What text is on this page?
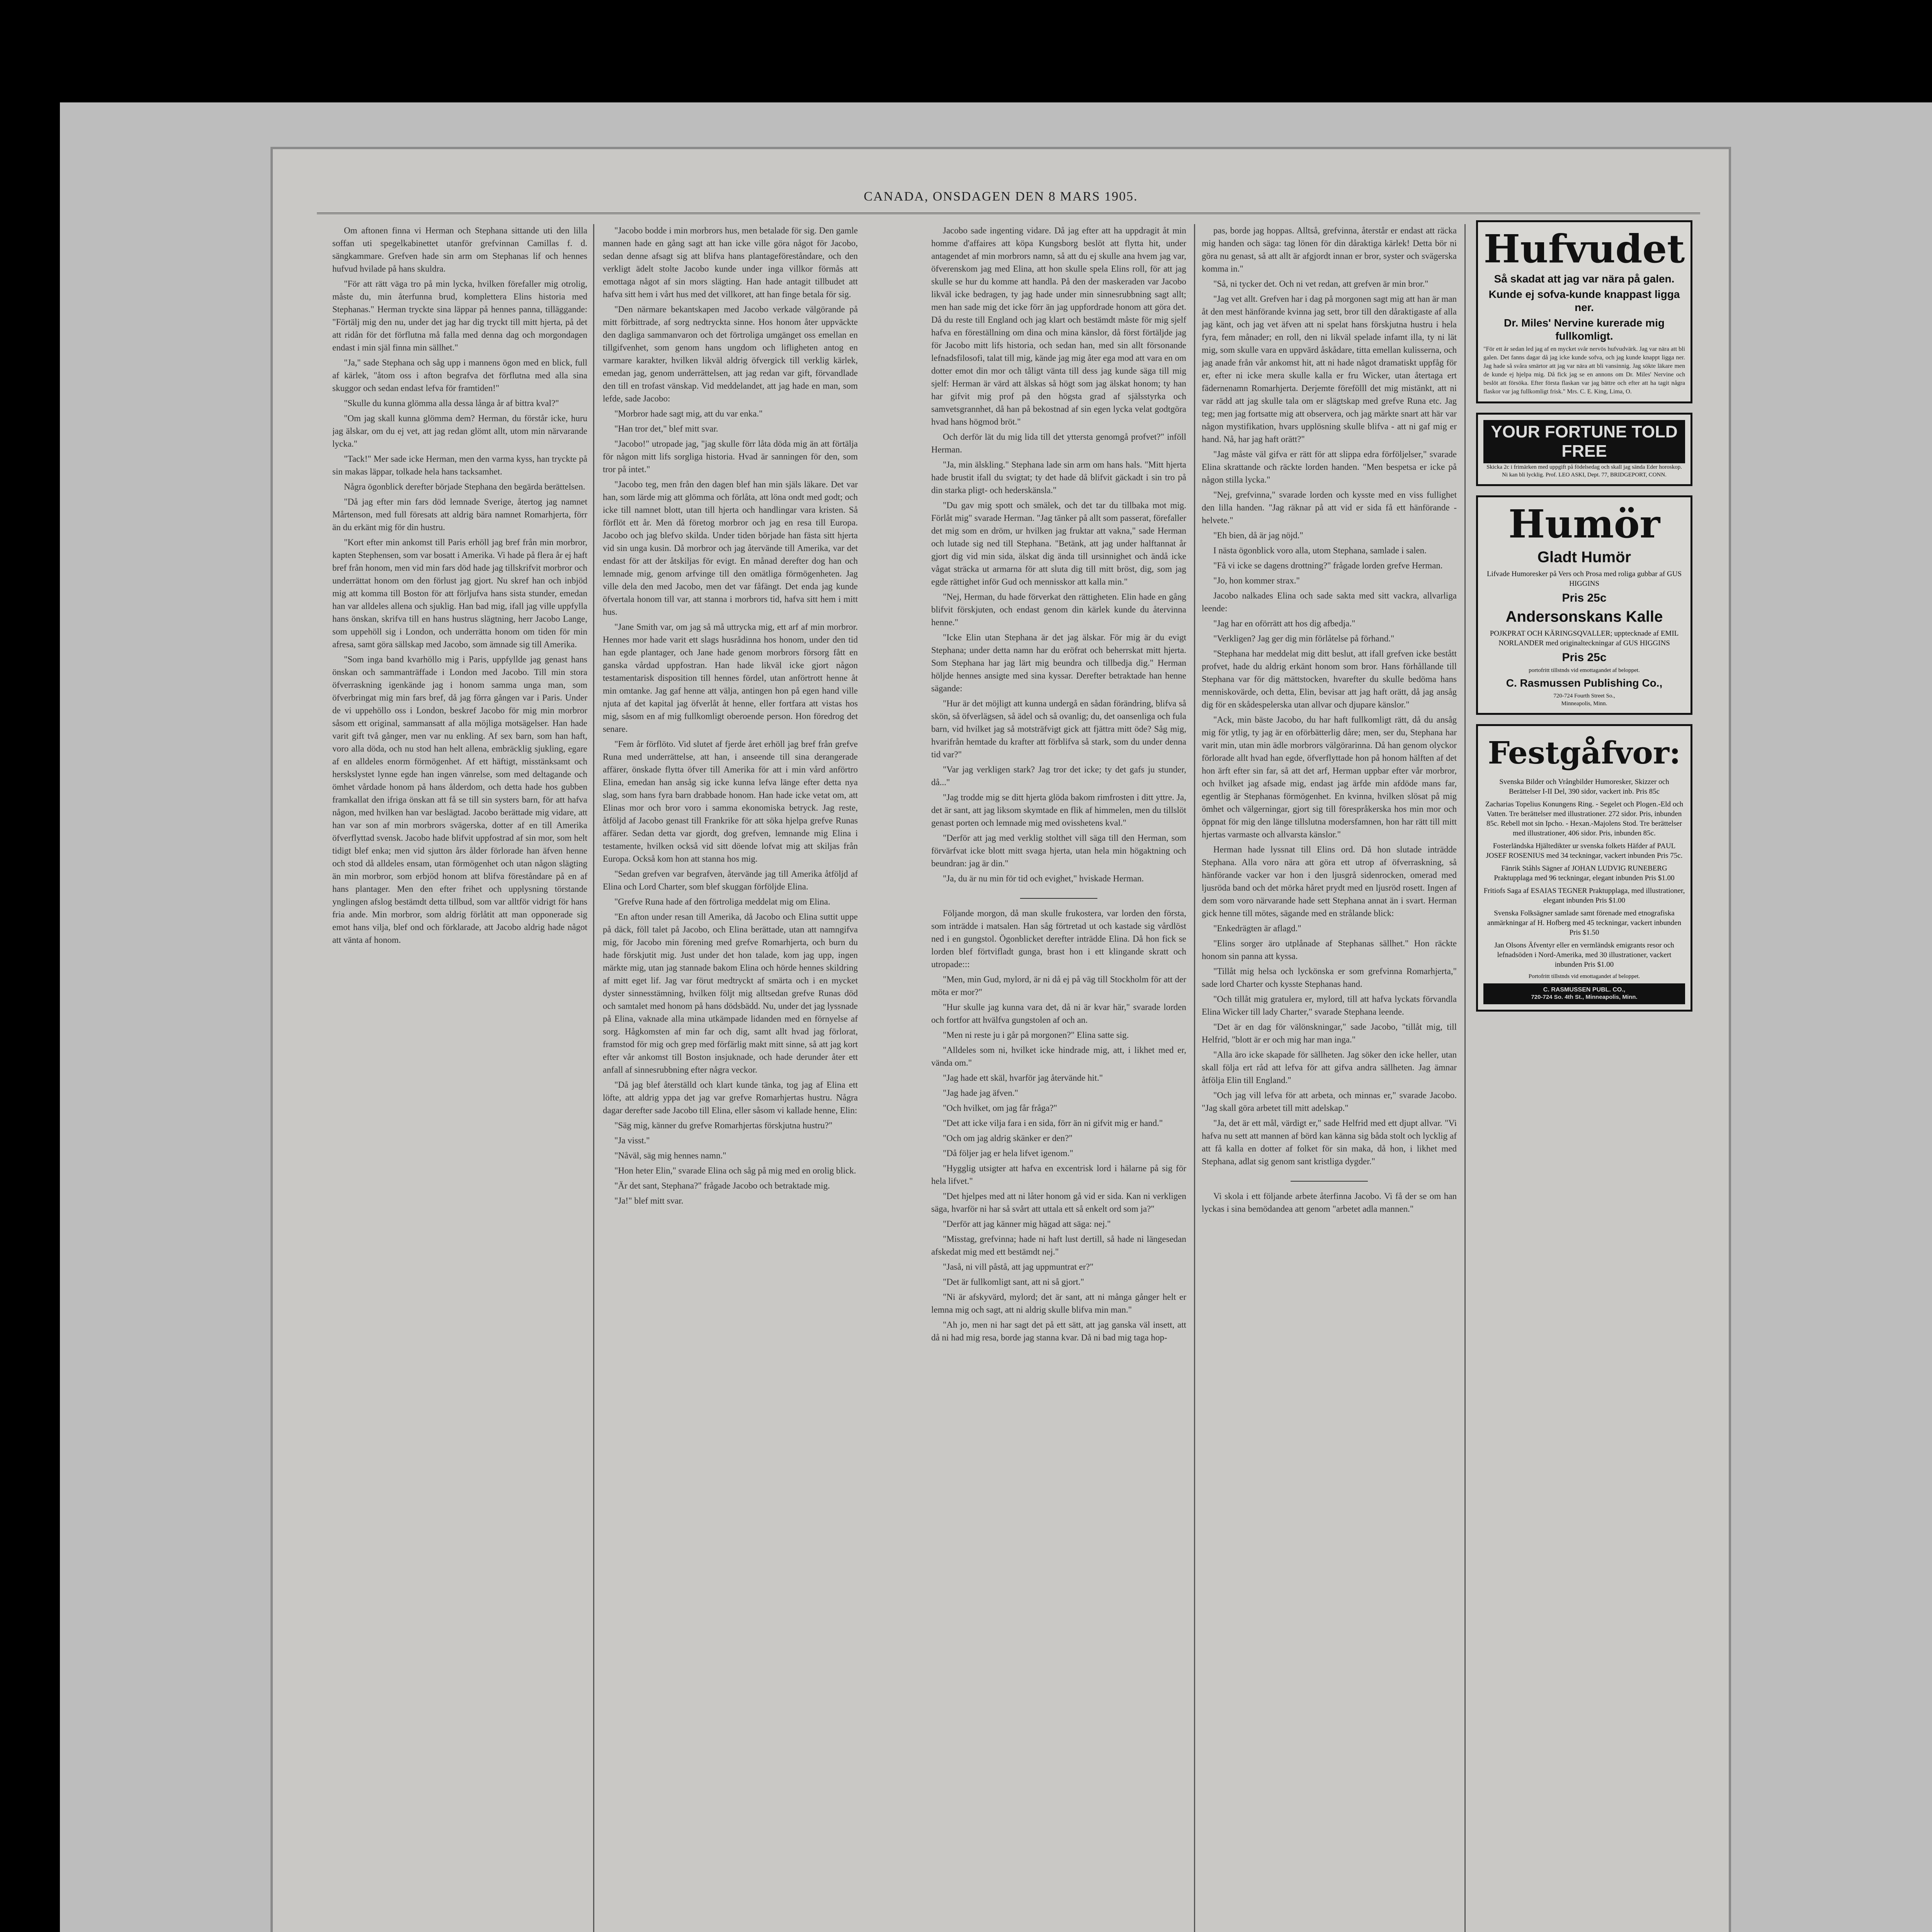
CANADA, ONSDAGEN DEN 8 MARS 1905.

Om aftonen finna vi Herman och Stephana sittande uti den lilla soffan uti spegelkabinettet utanför grefvinnan Camillas f. d. sängkammare. Grefven hade sin arm om Stephanas lif och hennes hufvud hvilade på hans skuldra.

"För att rätt väga tro på min lycka, hvilken förefaller mig otrolig, måste du, min återfunna brud, komplettera Elins historia med Stephanas." Herman tryckte sina läppar på hennes panna, tilläggande: "Förtälj mig den nu, under det jag har dig tryckt till mitt hjerta, på det att ridån för det förflutna må falla med denna dag och morgondagen endast i min själ finna min sällhet."

"Ja," sade Stephana och såg upp i mannens ögon med en blick, full af kärlek, "åtom oss i afton begrafva det förflutna med alla sina skuggor och sedan endast lefva för framtiden!"

"Skulle du kunna glömma alla dessa långa år af bittra kval?"

"Om jag skall kunna glömma dem? Herman, du förstår icke, huru jag älskar, om du ej vet, att jag redan glömt allt, utom min närvarande lycka."

"Tack!" Mer sade icke Herman, men den varma kyss, han tryckte på sin makas läppar, tolkade hela hans tacksamhet.

Några ögonblick derefter började Stephana den begärda berättelsen.

"Då jag efter min fars död lemnade Sverige, återtog jag namnet Mårtenson, med full föresats att aldrig bära namnet Romarhjerta, förr än du erkänt mig för din hustru.

"Kort efter min ankomst till Paris erhöll jag bref från min morbror, kapten Stephensen, som var bosatt i Amerika. Vi hade på flera år ej haft bref från honom, men vid min fars död hade jag tillskrifvit morbror och underrättat honom om den förlust jag gjort. Nu skref han och inbjöd mig att komma till Boston för att förljufva hans sista stunder, emedan han var alldeles allena och sjuklig. Han bad mig, ifall jag ville uppfylla hans önskan, skrifva till en hans hustrus slägtning, herr Jacobo Lange, som uppehöll sig i London, och underrätta honom om tiden för min afresa, samt göra sällskap med Jacobo, som ämnade sig till Amerika.

"Som inga band kvarhöllo mig i Paris, uppfyllde jag genast hans önskan och sammanträffade i London med Jacobo. Till min stora öfverraskning igenkände jag i honom samma unga man, som öfverbringat mig min fars bref, då jag förra gången var i Paris. Under de vi uppehöllo oss i London, beskref Jacobo för mig min morbror såsom ett original, sammansatt af alla möjliga motsägelser. Han hade varit gift två gånger, men var nu enkling. Af sex barn, som han haft, voro alla döda, och nu stod han helt allena, embräcklig sjukling, egare af en alldeles enorm förmögenhet. Af ett häftigt, misstänksamt och herskslystet lynne egde han ingen vänrelse, som med deltagande och ömhet vårdade honom på hans ålderdom, och detta hade hos gubben framkallat den ifriga önskan att få se till sin systers barn, för att hafva någon, med hvilken han var beslägtad. Jacobo berättade mig vidare, att han var son af min morbrors svägerska, dotter af en till Amerika öfverflyttad svensk. Jacobo hade blifvit uppfostrad af sin mor, som helt tidigt blef enka; men vid sjutton års ålder förlorade han äfven henne och stod då alldeles ensam, utan förmögenhet och utan någon slägting än min morbror, som erbjöd honom att blifva föreståndare på en af hans plantager. Men den efter frihet och upplysning törstande ynglingen afslog bestämdt detta tillbud, som var alltför vidrigt för hans fria ande. Min morbror, som aldrig förlåtit att man opponerade sig emot hans vilja, blef ond och förklarade, att Jacobo aldrig hade något att vänta af honom.

"Jacobo bodde i min morbrors hus, men betalade för sig. Den gamle mannen hade en gång sagt att han icke ville göra något för Jacobo, sedan denne afsagt sig att blifva hans plantageföreståndare, och den verkligt ädelt stolte Jacobo kunde under inga villkor förmås att emottaga något af sin mors slägting. Han hade antagit tillbudet att hafva sitt hem i vårt hus med det villkoret, att han finge betala för sig.

"Den närmare bekantskapen med Jacobo verkade välgörande på mitt förbittrade, af sorg nedtryckta sinne. Hos honom åter uppväckte den dagliga sammanvaron och det förtroliga umgänget oss emellan en tillgifvenhet, som genom hans ungdom och lifligheten antog en varmare karakter, hvilken likväl aldrig öfvergick till verklig kärlek, emedan jag, genom underrättelsen, att jag redan var gift, förvandlade den till en trofast vänskap. Vid meddelandet, att jag hade en man, som lefde, sade Jacobo:

"Morbror hade sagt mig, att du var enka."

"Han tror det," blef mitt svar.

"Jacobo!" utropade jag, "jag skulle förr låta döda mig än att förtälja för någon mitt lifs sorgliga historia. Hvad är sanningen för den, som tror på intet."

"Jacobo teg, men från den dagen blef han min själs läkare. Det var han, som lärde mig att glömma och förlåta, att löna ondt med godt; och icke till namnet blott, utan till hjerta och handlingar vara kristen. Så förflöt ett år. Men då företog morbror och jag en resa till Europa. Jacobo och jag blefvo skilda. Under tiden började han fästa sitt hjerta vid sin unga kusin. Då morbror och jag återvände till Amerika, var det endast för att der åtskiljas för evigt. En månad derefter dog han och lemnade mig, genom arfvinge till den omätliga förmögenheten. Jag ville dela den med Jacobo, men det var fåfängt. Det enda jag kunde öfvertala honom till var, att stanna i morbrors tid, hafva sitt hem i mitt hus.

"Jane Smith var, om jag så må uttrycka mig, ett arf af min morbror. Hennes mor hade varit ett slags husrådinna hos honom, under den tid han egde plantager, och Jane hade genom morbrors försorg fått en ganska vårdad uppfostran. Han hade likväl icke gjort någon testamentarisk disposition till hennes fördel, utan anförtrott henne åt min omtanke. Jag gaf henne att välja, antingen hon på egen hand ville njuta af det kapital jag öfverlåt åt henne, eller fortfara att vistas hos mig, såsom en af mig fullkomligt oberoende person. Hon föredrog det senare.

"Fem år förflöto. Vid slutet af fjerde året erhöll jag bref från grefve Runa med underrättelse, att han, i anseende till sina derangerade affärer, önskade flytta öfver till Amerika för att i min vård anförtro Elina, emedan han ansåg sig icke kunna lefva länge efter detta nya slag, som hans fyra barn drabbade honom. Han hade icke vetat om, att Elinas mor och bror voro i samma ekonomiska betryck. Jag reste, åtföljd af Jacobo genast till Frankrike för att söka hjelpa grefve Runas affärer. Sedan detta var gjordt, dog grefven, lemnande mig Elina i testamente, hvilken också vid sitt döende lofvat mig att skiljas från Europa. Också kom hon att stanna hos mig.

"Sedan grefven var begrafven, återvände jag till Amerika åtföljd af Elina och Lord Charter, som blef skuggan förföljde Elina.

"Grefve Runa hade af den förtroliga meddelat mig om Elina.

"En afton under resan till Amerika, då Jacobo och Elina suttit uppe på däck, föll talet på Jacobo, och Elina berättade, utan att namngifva mig, för Jacobo min förening med grefve Romarhjerta, och burn du hade förskjutit mig. Just under det hon talade, kom jag upp, ingen märkte mig, utan jag stannade bakom Elina och hörde hennes skildring af mitt eget lif. Jag var förut medtryckt af smärta och i en mycket dyster sinnesstämning, hvilken följt mig alltsedan grefve Runas död och samtalet med honom på hans dödsbädd. Nu, under det jag lyssnade på Elina, vaknade alla mina utkämpade lidanden med en förnyelse af sorg. Hågkomsten af min far och dig, samt allt hvad jag förlorat, framstod för mig och grep med förfärlig makt mitt sinne, så att jag kort efter vår ankomst till Boston insjuknade, och hade derunder åter ett anfall af sinnesrubbning efter några veckor.

"Då jag blef återställd och klart kunde tänka, tog jag af Elina ett löfte, att aldrig yppa det jag var grefve Romarhjertas hustru. Några dagar derefter sade Jacobo till Elina, eller såsom vi kallade henne, Elin:

"Säg mig, känner du grefve Romarhjertas förskjutna hustru?"

"Ja visst."

"Nåväl, säg mig hennes namn."

"Hon heter Elin," svarade Elina och såg på mig med en orolig blick.

"Är det sant, Stephana?" frågade Jacobo och betraktade mig.

"Ja!" blef mitt svar.

Jacobo sade ingenting vidare. Då jag efter att ha uppdragit åt min homme d'affaires att köpa Kungsborg beslöt att flytta hit, under antagendet af min morbrors namn, så att du ej skulle ana hvem jag var, öfverenskom jag med Elina, att hon skulle spela Elins roll, för att jag skulle se hur du komme att handla. På den der maskeraden var Jacobo likväl icke bedragen, ty jag hade under min sinnesrubbning sagt allt; men han sade mig det icke förr än jag uppfordrade honom att göra det. Då du reste till England och jag klart och bestämdt måste för mig sjelf hafva en föreställning om dina och mina känslor, då först förtäljde jag för Jacobo mitt lifs historia, och sedan han, med sin allt försonande lefnadsfilosofi, talat till mig, kände jag mig åter ega mod att vara en om dotter emot din mor och tåligt vänta till dess jag kunde säga till mig sjelf: Herman är värd att älskas så högt som jag älskat honom; ty han har gifvit mig prof på den högsta grad af själsstyrka och samvetsgrannhet, då han på bekostnad af sin egen lycka velat godtgöra hvad hans högmod bröt."

Och derför lät du mig lida till det yttersta genomgå profvet?" inföll Herman.

"Ja, min älskling." Stephana lade sin arm om hans hals. "Mitt hjerta hade brustit ifall du svigtat; ty det hade då blifvit gäckadt i sin tro på din starka pligt- och hederskänsla."

"Du gav mig spott och smälek, och det tar du tillbaka mot mig. Förlåt mig" svarade Herman. "Jag tänker på allt som passerat, förefaller det mig som en dröm, ur hvilken jag fruktar att vakna," sade Herman och lutade sig ned till Stephana. "Betänk, att jag under halftannat år gjort dig vid min sida, älskat dig ända till ursinnighet och ändå icke vågat sträcka ut armarna för att sluta dig till mitt bröst, dig, som jag egde rättighet inför Gud och mennisskor att kalla min."

"Nej, Herman, du hade förverkat den rättigheten. Elin hade en gång blifvit förskjuten, och endast genom din kärlek kunde du återvinna henne."

"Icke Elin utan Stephana är det jag älskar. För mig är du evigt Stephana; under detta namn har du eröfrat och beherrskat mitt hjerta. Som Stephana har jag lärt mig beundra och tillbedja dig." Herman höljde hennes ansigte med sina kyssar. Derefter betraktade han henne sägande:

"Hur är det möjligt att kunna undergå en sådan förändring, blifva så skön, så öfverlägsen, så ädel och så ovanlig; du, det oansenliga och fula barn, vid hvilket jag så motsträfvigt gick att fjättra mitt öde? Såg mig, hvarifrån hemtade du krafter att förblifva så stark, som du under denna tid var?"

"Var jag verkligen stark? Jag tror det icke; ty det gafs ju stunder, då..."

"Jag trodde mig se ditt hjerta glöda bakom rimfrosten i ditt yttre. Ja, det är sant, att jag liksom skymtade en flik af himmelen, men du tillslöt genast porten och lemnade mig med ovisshetens kval."

"Derför att jag med verklig stolthet vill säga till den Herman, som förvärfvat icke blott mitt svaga hjerta, utan hela min högaktning och beundran: jag är din."

"Ja, du är nu min för tid och evighet," hviskade Herman.

Följande morgon, då man skulle frukostera, var lorden den första, som inträdde i matsalen. Han såg förtretad ut och kastade sig vårdlöst ned i en gungstol. Ögonblicket derefter inträdde Elina. Då hon fick se lorden blef förtvifladt gunga, brast hon i ett klingande skratt och utropade:::

"Men, min Gud, mylord, är ni då ej på väg till Stockholm för att der möta er mor?"

"Hur skulle jag kunna vara det, då ni är kvar här," svarade lorden och fortfor att hvälfva gungstolen af och an.

"Men ni reste ju i går på morgonen?" Elina satte sig.

"Alldeles som ni, hvilket icke hindrade mig, att, i likhet med er, vända om."

"Jag hade ett skäl, hvarför jag återvände hit."

"Jag hade jag äfven."

"Och hvilket, om jag får fråga?"

"Det att icke vilja fara i en sida, förr än ni gifvit mig er hand."

"Och om jag aldrig skänker er den?"

"Då följer jag er hela lifvet igenom."

"Hygglig utsigter att hafva en excentrisk lord i hälarne på sig för hela lifvet."

"Det hjelpes med att ni låter honom gå vid er sida. Kan ni verkligen säga, hvarför ni har så svårt att uttala ett så enkelt ord som ja?"

"Derför att jag känner mig hägad att säga: nej."

"Misstag, grefvinna; hade ni haft lust dertill, så hade ni längesedan afskedat mig med ett bestämdt nej."

"Jaså, ni vill påstå, att jag uppmuntrat er?"

"Det är fullkomligt sant, att ni så gjort."

"Ni är afskyvärd, mylord; det är sant, att ni många gånger helt er lemna mig och sagt, att ni aldrig skulle blifva min man."

"Ah jo, men ni har sagt det på ett sätt, att jag ganska väl insett, att då ni had mig resa, borde jag stanna kvar. Då ni bad mig taga hop-

pas, borde jag hoppas. Alltså, grefvinna, återstår er endast att räcka mig handen och säga: tag lönen för din dåraktiga kärlek! Detta bör ni göra nu genast, så att allt är afgjordt innan er bror, syster och svägerska komma in."

"Så, ni tycker det. Och ni vet redan, att grefven är min bror."

"Jag vet allt. Grefven har i dag på morgonen sagt mig att han är man åt den mest hänförande kvinna jag sett, bror till den dåraktigaste af alla jag känt, och jag vet äfven att ni spelat hans förskjutna hustru i hela fyra, fem månader; en roll, den ni likväl spelade infamt illa, ty ni lät mig, som skulle vara en uppvärd åskådare, titta emellan kulisserna, och jag anade från vår ankomst hit, att ni hade något dramatiskt uppfåg för er, efter ni icke mera skulle kalla er fru Wicker, utan återtaga ert fädernenamn Romarhjerta. Derjemte förefölll det mig mistänkt, att ni var rädd att jag skulle tala om er slägtskap med grefve Runa etc. Jag teg; men jag fortsatte mig att observera, och jag märkte snart att här var någon mystifikation, hvars upplösning skulle blifva - att ni gaf mig er hand. Nå, har jag haft orätt?"

"Jag måste väl gifva er rätt för att slippa edra förföljelser," svarade Elina skrattande och räckte lorden handen. "Men bespetsa er icke på någon stilla lycka."

"Nej, grefvinna," svarade lorden och kysste med en viss fullighet den lilla handen. "Jag räknar på att vid er sida få ett hänförande - helvete."

"Eh bien, då är jag nöjd."

I nästa ögonblick voro alla, utom Stephana, samlade i salen.

"Få vi icke se dagens drottning?" frågade lorden grefve Herman.

"Jo, hon kommer strax."

Jacobo nalkades Elina och sade sakta med sitt vackra, allvarliga leende:

"Jag har en oförrätt att hos dig afbedja."

"Verkligen? Jag ger dig min förlåtelse på förhand."

"Stephana har meddelat mig ditt beslut, att ifall grefven icke bestått profvet, hade du aldrig erkänt honom som bror. Hans förhållande till Stephana var för dig mättstocken, hvarefter du skulle bedöma hans menniskovärde, och detta, Elin, bevisar att jag haft orätt, då jag ansåg dig för en skådespelerska utan allvar och djupare känslor."

"Ack, min bäste Jacobo, du har haft fullkomligt rätt, då du ansåg mig för ytlig, ty jag är en oförbätterlig dåre; men, ser du, Stephana har varit min, utan min ädle morbrors välgörarinna. Då han genom olyckor förlorade allt hvad han egde, öfverflyttade hon på honom hälften af det hon ärft efter sin far, så att det arf, Herman uppbar efter vår morbror, och hvilket jag afsade mig, endast jag ärfde min afdöde mans far, egentlig är Stephanas förmögenhet. En kvinna, hvilken slösat på mig ömhet och välgerningar, gjort sig till förespråkerska hos min mor och öppnat för mig den länge tillslutna modersfamnen, hon har rätt till mitt hjertas varmaste och allvarsta känslor."

Herman hade lyssnat till Elins ord. Då hon slutade inträdde Stephana. Alla voro nära att göra ett utrop af öfverraskning, så hänförande vacker var hon i den ljusgrå sidenrocken, omerad med ljusröda band och det mörka håret prydt med en ljusröd rosett. Ingen af dem som voro närvarande hade sett Stephana annat än i svart. Herman gick henne till mötes, sägande med en strålande blick:

"Enkedrägten är aflagd."

"Elins sorger äro utplånade af Stephanas sällhet." Hon räckte honom sin panna att kyssa.

"Tillåt mig helsa och lyckönska er som grefvinna Romarhjerta," sade lord Charter och kysste Stephanas hand.

"Och tillåt mig gratulera er, mylord, till att hafva lyckats förvandla Elina Wicker till lady Charter," svarade Stephana leende.

"Det är en dag för välönskningar," sade Jacobo, "tillåt mig, till Helfrid, "blott är er och mig har man inga."

"Alla äro icke skapade för sällheten. Jag söker den icke heller, utan skall följa ert råd att lefva för att gifva andra sällheten. Jag ämnar åtfölja Elin till England."

"Och jag vill lefva för att arbeta, och minnas er," svarade Jacobo. "Jag skall göra arbetet till mitt adelskap."

"Ja, det är ett mål, värdigt er," sade Helfrid med ett djupt allvar. "Vi hafva nu sett att mannen af börd kan känna sig båda stolt och lycklig af att få kalla en dotter af folket för sin maka, då hon, i likhet med Stephana, adlat sig genom sant kristliga dygder."

Vi skola i ett följande arbete återfinna Jacobo. Vi få der se om han lyckas i sina bemödandea att genom "arbetet adla mannen."

Hufvudet
Så skadat att jag var nära på galen.
Kunde ej sofva-kunde knappast ligga ner.
Dr. Miles' Nervine kurerade mig fullkomligt.
"För ett år sedan led jag af en mycket svår nervös hufvudvärk. Jag var nära att bli galen. Det fanns dagar då jag icke kunde sofva, och jag kunde knappt ligga ner. Jag hade så svåra smärtor att jag var nära att bli vansinnig. Jag sökte läkare men de kunde ej hjelpa mig. Då fick jag se en annons om Dr. Miles' Nervine och beslöt att försöka. Efter första flaskan var jag bättre och efter att ha tagit några flaskor var jag fullkomligt frisk." Mrs. C. E. King, Lima, O.
YOUR FORTUNE TOLD FREE
Skicka 2c i frimärken med uppgift på födelsedag och skall jag sända Eder horoskop. Ni kan bli lycklig. Prof. LEO ASKI, Dept. 77, BRIDGEPORT, CONN.
Humör
Gladt Humör
Lifvade Humoresker på Vers och Prosa med roliga gubbar af GUS HIGGINS
Pris 25c
Andersonskans Kalle
POJKPRAT OCH KÄRINGSQVALLER; upptecknade af EMIL NORLANDER med originalteckningar af GUS HIGGINS
Pris 25c
portofritt tillstnds vid emottagandet af beloppet.
C. Rasmussen Publishing Co.,
720-724 Fourth Street So.,
Minneapolis, Minn.
Festgåfvor:
Svenska Bilder och Vrångbilder Humoresker, Skizzer och Berättelser I-II Del, 390 sidor, vackert inb. Pris 85c
Zacharias Topelius Konungens Ring. - Segelet och Plogen.-Eld och Vatten. Tre berättelser med illustrationer. 272 sidor. Pris, inbunden 85c. Rebell mot sin Ipcho. - Hexan.-Majolens Stod. Tre berättelser med illustrationer, 406 sidor. Pris, inbunden 85c.
Fosterländska Hjältedikter ur svenska folkets Häfder af PAUL JOSEF ROSENIUS med 34 teckningar, vackert inbunden Pris 75c.
Fänrik Ståhls Sägner af JOHAN LUDVIG RUNEBERG Praktupplaga med 96 teckningar, elegant inbunden Pris $1.00
Fritiofs Saga af ESAIAS TEGNER Praktupplaga, med illustrationer, elegant inbunden Pris $1.00
Svenska Folksägner samlade samt förenade med etnografiska anmärkningar af H. Hofberg med 45 teckningar, vackert inbunden Pris $1.50
Jan Olsons Äfventyr eller en vermländsk emigrants resor och lefnadsöden i Nord-Amerika, med 30 illustrationer, vackert inbunden Pris $1.00
Portofritt tillstnds vid emottagandet af beloppet.
C. RASMUSSEN PUBL. CO.,
720-724 So. 4th St., Minneapolis, Minn.
